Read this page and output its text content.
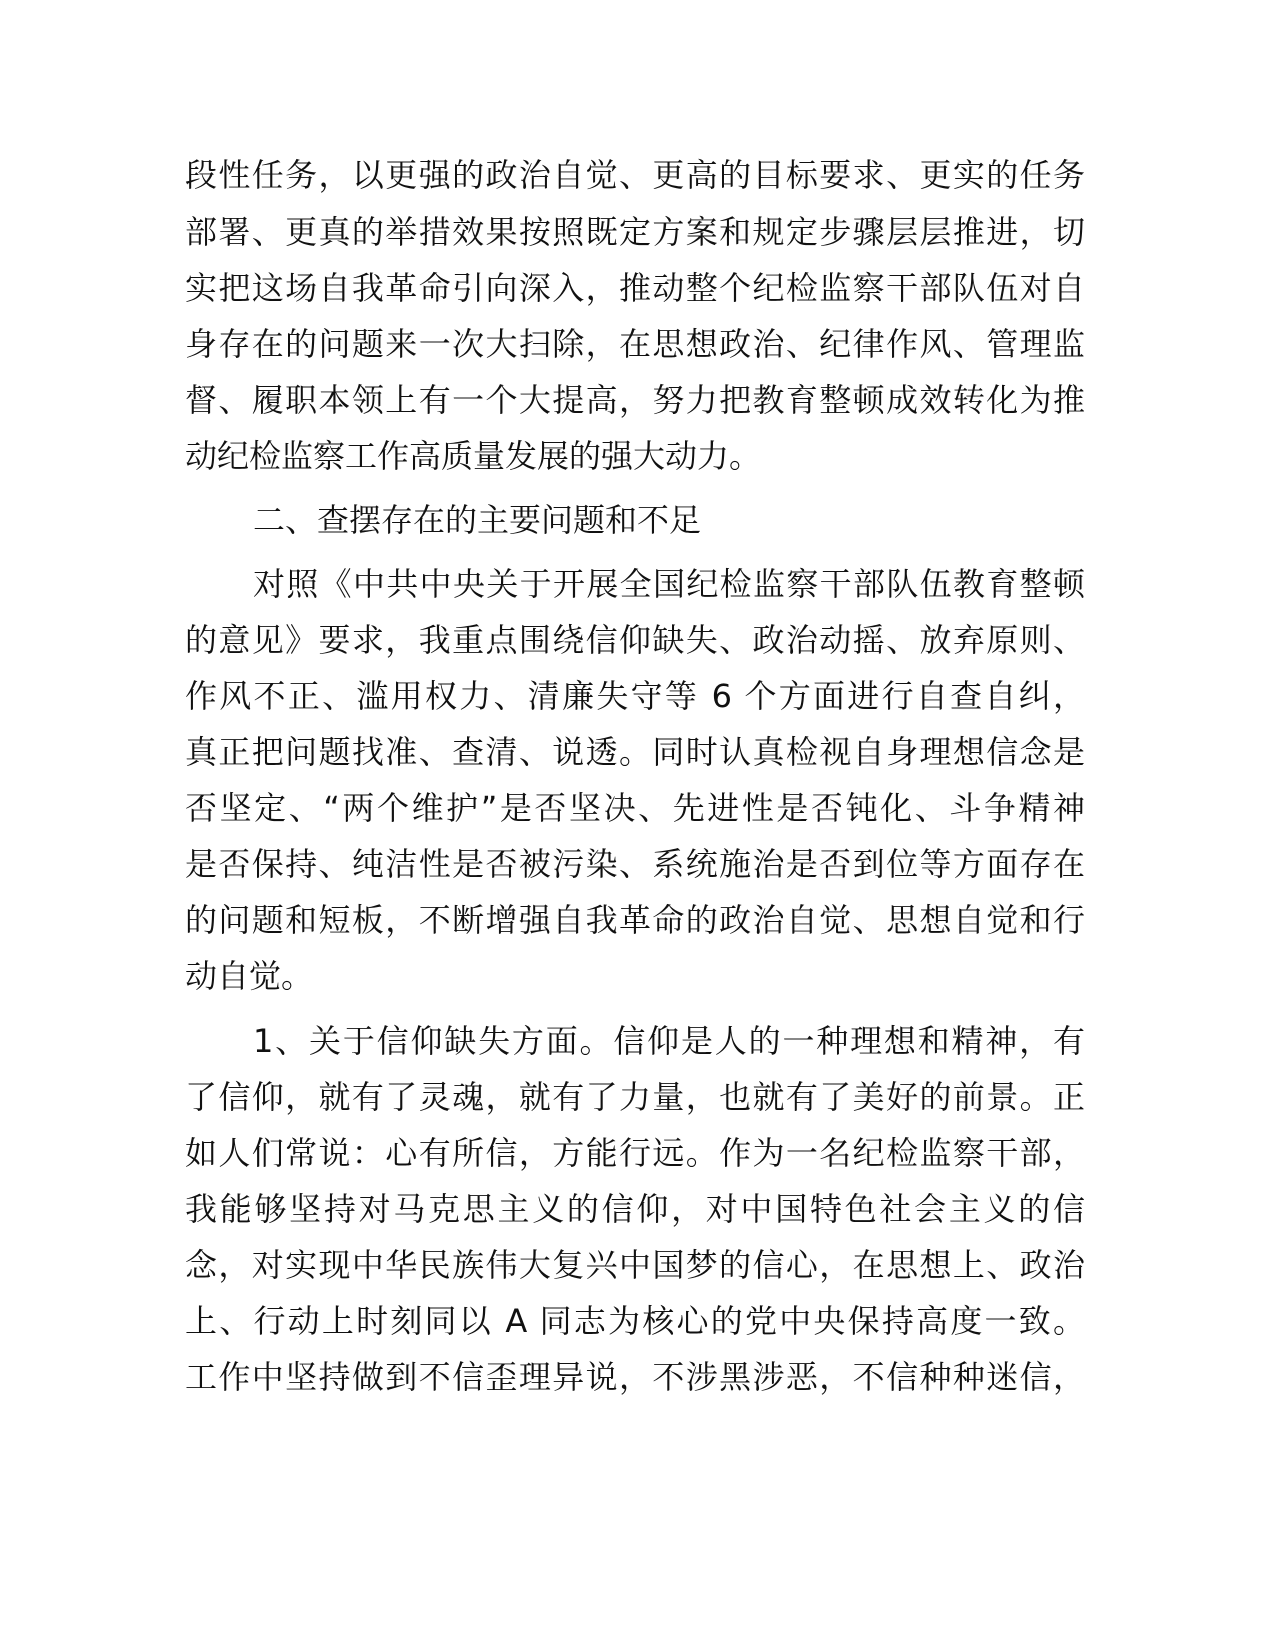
段性任务，以更强的政治自觉、更高的目标要求、更实的任务

部署、更真的举措效果按照既定方案和规定步骤层层推进，切

实把这场自我革命引向深入，推动整个纪检监察干部队伍对自

身存在的问题来一次大扫除，在思想政治、纪律作风、管理监

督、履职本领上有一个大提高，努力把教育整顿成效转化为推

动纪检监察工作高质量发展的强大动力。

二、查摆存在的主要问题和不足

对照《中共中央关于开展全国纪检监察干部队伍教育整顿

的意见》要求，我重点围绕信仰缺失、政治动摇、放弃原则、

作风不正、滥用权力、清廉失守等 6 个方面进行自查自纠，

真正把问题找准、查清、说透。同时认真检视自身理想信念是

否坚定、“两个维护”是否坚决、先进性是否钝化、斗争精神

是否保持、纯洁性是否被污染、系统施治是否到位等方面存在

的问题和短板，不断增强自我革命的政治自觉、思想自觉和行

动自觉。

1、关于信仰缺失方面。信仰是人的一种理想和精神，有

了信仰，就有了灵魂，就有了力量，也就有了美好的前景。正

如人们常说：心有所信，方能行远。作为一名纪检监察干部，

我能够坚持对马克思主义的信仰，对中国特色社会主义的信

念，对实现中华民族伟大复兴中国梦的信心，在思想上、政治

上、行动上时刻同以 A 同志为核心的党中央保持高度一致。

工作中坚持做到不信歪理异说，不涉黑涉恶，不信种种迷信，
